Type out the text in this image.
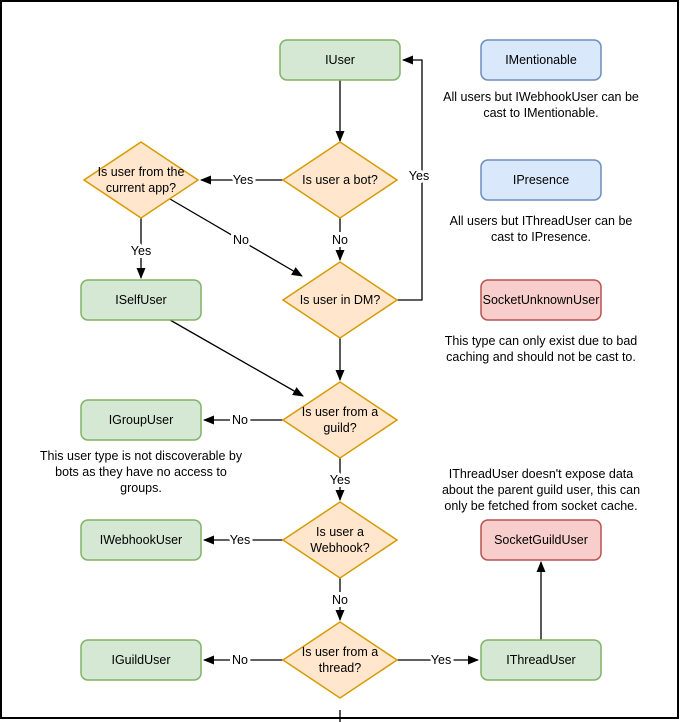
Is user from the
current app?
Is user a bot?
Is user in DM?
Is user from a
guild?
Is user a
Webhook?
Is user from a
thread?
IUser	IMentionable
IPresence
ISelfUser	SocketUnknownUser
IGroupUser
IWebhookUser	SocketGuildUser
IGuildUser	IThreadUser
Yes
No
No
Yes
Yes
No
Yes
Yes
No
No	Yes
All users but IWebhookUser can be
cast to IMentionable.
All users but IThreadUser can be
cast to IPresence.
This type can only exist due to bad
caching and should not be cast to.
This user type is not discoverable by
bots as they have no access to
groups.
IThreadUser doesn't expose data
about the parent guild user, this can
only be fetched from socket cache.
